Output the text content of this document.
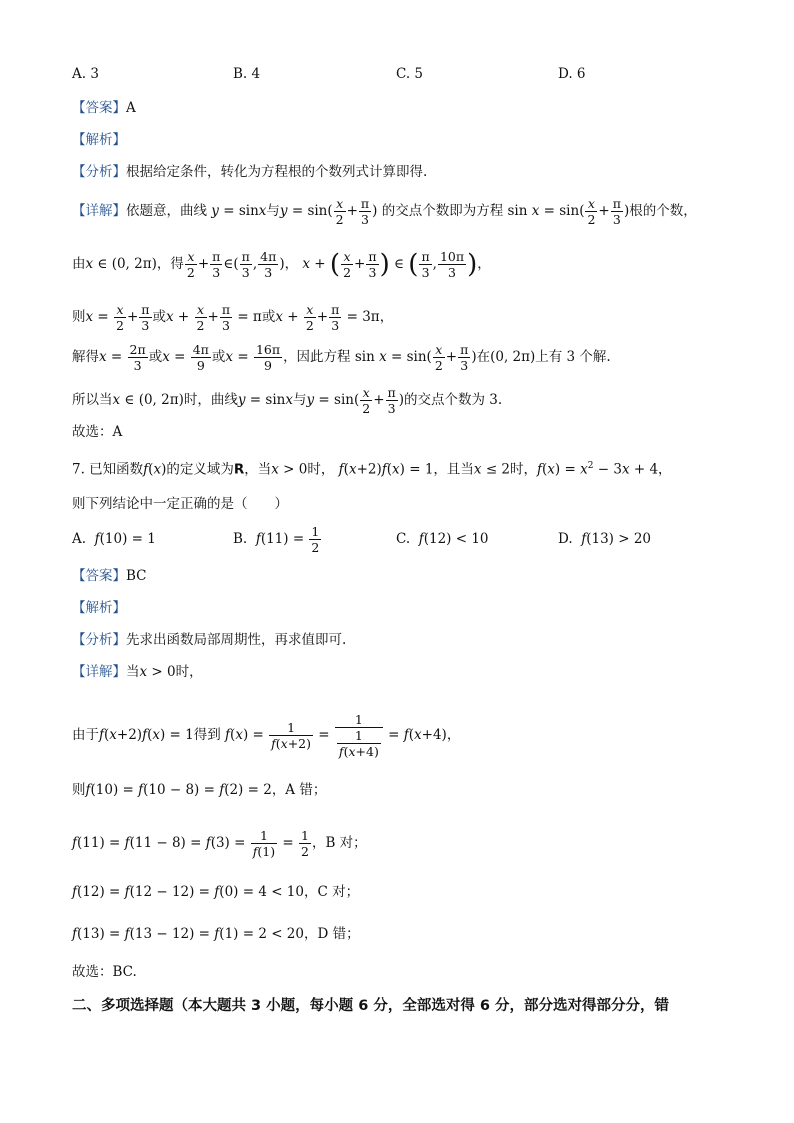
A. 3	B. 4	C. 5	D. 6
【答案】A
【解析】
【分析】根据给定条件，转化为方程根的个数列式计算即得.
【详解】依题意，曲线 y = sinx与$y = \sin( \frac{x}{2} + \frac{\pi}{3}$ ) 的交点个数即为方程 $\sin x = \sin( \frac{x}{2} + \frac{\pi}{3}$ )根的个数，
由x ∈ (0, 2π)，得 $\frac{x}{2} + \frac{\pi}{3}$ ∈( $\frac{\pi}{3}$ , $\frac{4\pi}{3}$ )， x + ( $\frac{x}{2} + \frac{\pi}{3}$ ) ∈ ( $\frac{\pi}{3}$ , $\frac{10\pi}{3}$ )，
则$x = \frac{x}{2} + \frac{\pi}{3}$ 或$x + \frac{x}{2} + \frac{\pi}{3} = \pi$或$x + \frac{x}{2} + \frac{\pi}{3} = 3\pi$，
解得$x = \frac{2\pi}{3}$ 或$x = \frac{4\pi}{9}$ 或$x = \frac{16\pi}{9}$ ，因此方程 $\sin x = \sin( \frac{x}{2} + \frac{\pi}{3}$ )在(0, 2π)上有 3 个解.
所以当x ∈ (0, 2π)时，曲线y = sinx与$y = \sin( \frac{x}{2} + \frac{\pi}{3}$ )的交点个数为 3.
故选：A
7. 已知函数f(x)的定义域为R，当x > 0时， f(x+2)f(x) = 1，且当x ≤ 2时，$f(x) = x^2 - 3x + 4$，
则下列结论中一定正确的是（　　）
A. f(10) = 1	B. $f(11) = \frac{1}{2}$	C. f(12) < 10	D. f(13) > 20
【答案】BC
【解析】
【分析】先求出函数局部周期性，再求值即可.
【详解】当x > 0时，
由于f(x+2)f(x) = 1得到 $f(x) = \frac{1}{f(x+2)} = \frac{1}{\frac{1}{f(x+4)}} = f(x+4)$，
则f(10) = f(10 − 8) = f(2) = 2，A 错；
$f(11) = f(11 - 8) = f(3) = \frac{1}{f(1)} = \frac{1}{2}$ ，B 对；
f(12) = f(12 − 12) = f(0) = 4 < 10，C 对；
f(13) = f(13 − 12) = f(1) = 2 < 20，D 错；
故选：BC.
二、多项选择题（本大题共 3 小题，每小题 6 分，全部选对得 6 分，部分选对得部分分，错
